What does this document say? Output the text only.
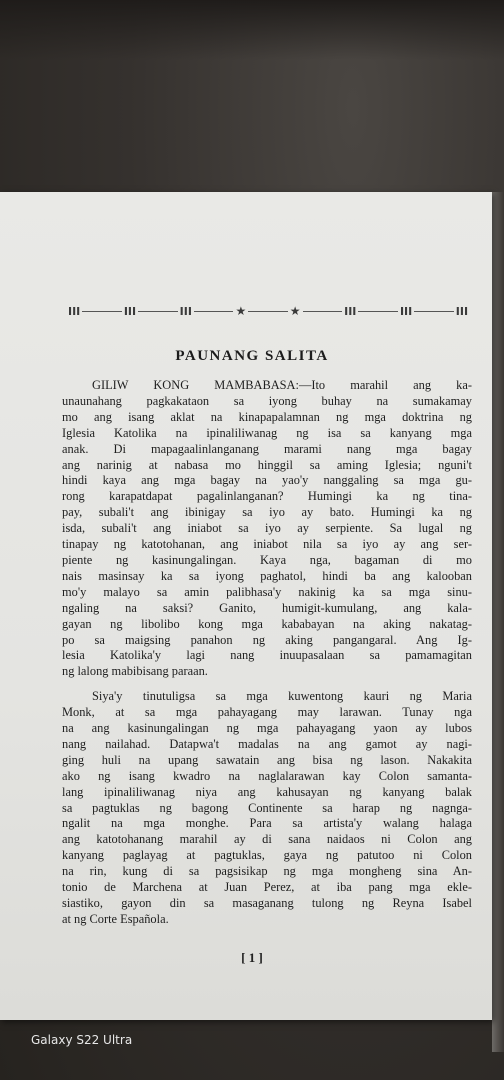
III	III	III	★	★	III	III	III
PAUNANG SALITA
GILIW KONG MAMBABASA:—Ito marahil ang ka-
unaunahang pagkakataon sa iyong buhay na sumakamay
mo ang isang aklat na kinapapalamnan ng mga doktrina ng
Iglesia Katolika na ipinaliliwanag ng isa sa kanyang mga
anak. Di mapagaalinlanganang marami nang mga bagay
ang narinig at nabasa mo hinggil sa aming Iglesia; nguni't
hindi kaya ang mga bagay na yao'y nanggaling sa mga gu-
rong karapatdapat pagalinlanganan? Humingi ka ng tina-
pay, subali't ang ibinigay sa iyo ay bato. Humingi ka ng
isda, subali't ang iniabot sa iyo ay serpiente. Sa lugal ng
tinapay ng katotohanan, ang iniabot nila sa iyo ay ang ser-
piente ng kasinungalingan. Kaya nga, bagaman di mo
nais masinsay ka sa iyong paghatol, hindi ba ang kalooban
mo'y malayo sa amin palibhasa'y nakinig ka sa mga sinu-
ngaling na saksi? Ganito, humigit-kumulang, ang kala-
gayan ng libolibo kong mga kababayan na aking nakatag-
po sa maigsing panahon ng aking pangangaral. Ang Ig-
lesia Katolika'y lagi nang inuupasalaan sa pamamagitan
ng lalong mabibisang paraan.
Siya'y tinutuligsa sa mga kuwentong kauri ng Maria
Monk, at sa mga pahayagang may larawan. Tunay nga
na ang kasinungalingan ng mga pahayagang yaon ay lubos
nang nailahad. Datapwa't madalas na ang gamot ay nagi-
ging huli na upang sawatain ang bisa ng lason. Nakakita
ako ng isang kwadro na naglalarawan kay Colon samanta-
lang ipinaliliwanag niya ang kahusayan ng kanyang balak
sa pagtuklas ng bagong Continente sa harap ng nagnga-
ngalit na mga monghe. Para sa artista'y walang halaga
ang katotohanang marahil ay di sana naidaos ni Colon ang
kanyang paglayag at pagtuklas, gaya ng patutoo ni Colon
na rin, kung di sa pagsisikap ng mga mongheng sina An-
tonio de Marchena at Juan Perez, at iba pang mga ekle-
siastiko, gayon din sa masaganang tulong ng Reyna Isabel
at ng Corte Española.
[ 1 ]
Galaxy S22 Ultra
